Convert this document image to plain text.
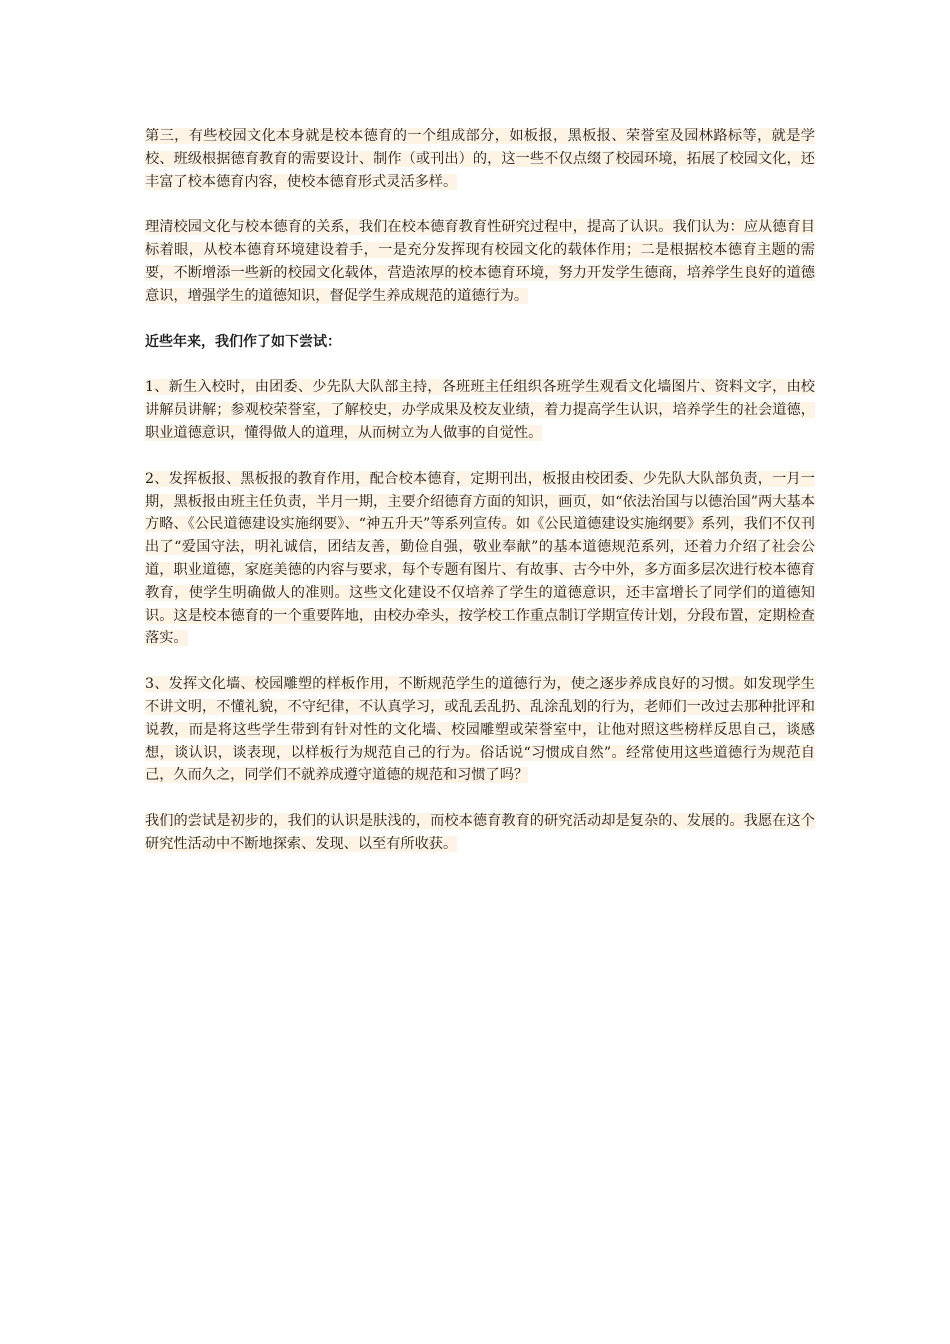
第三，有些校园文化本身就是校本德育的一个组成部分，如板报，黑板报、荣誉室及园林路标等，就是学校、班级根据德育教育的需要设计、制作（或刊出）的，这一些不仅点缀了校园环境，拓展了校园文化，还丰富了校本德育内容，使校本德育形式灵活多样。

理清校园文化与校本德育的关系，我们在校本德育教育性研究过程中，提高了认识。我们认为：应从德育目标着眼，从校本德育环境建设着手，一是充分发挥现有校园文化的载体作用；二是根据校本德育主题的需要，不断增添一些新的校园文化载体，营造浓厚的校本德育环境，努力开发学生德商，培养学生良好的道德意识，增强学生的道德知识，督促学生养成规范的道德行为。

近些年来，我们作了如下尝试：

1、新生入校时，由团委、少先队大队部主持，各班班主任组织各班学生观看文化墙图片、资料文字，由校讲解员讲解；参观校荣誉室，了解校史，办学成果及校友业绩，着力提高学生认识，培养学生的社会道德，职业道德意识，懂得做人的道理，从而树立为人做事的自觉性。

2、发挥板报、黑板报的教育作用，配合校本德育，定期刊出，板报由校团委、少先队大队部负责，一月一期，黑板报由班主任负责，半月一期，主要介绍德育方面的知识，画页，如“依法治国与以德治国”两大基本方略、《公民道德建设实施纲要》、“神五升天”等系列宣传。如《公民道德建设实施纲要》系列，我们不仅刊出了“爱国守法，明礼诚信，团结友善，勤俭自强，敬业奉献”的基本道德规范系列，还着力介绍了社会公道，职业道德，家庭美德的内容与要求，每个专题有图片、有故事、古今中外，多方面多层次进行校本德育教育，使学生明确做人的准则。这些文化建设不仅培养了学生的道德意识，还丰富增长了同学们的道德知识。这是校本德育的一个重要阵地，由校办牵头，按学校工作重点制订学期宣传计划，分段布置，定期检查落实。

3、发挥文化墙、校园雕塑的样板作用，不断规范学生的道德行为，使之逐步养成良好的习惯。如发现学生不讲文明，不懂礼貌，不守纪律，不认真学习，或乱丢乱扔、乱涂乱划的行为，老师们一改过去那种批评和说教，而是将这些学生带到有针对性的文化墙、校园雕塑或荣誉室中，让他对照这些榜样反思自己，谈感想，谈认识，谈表现，以样板行为规范自己的行为。俗话说“习惯成自然”。经常使用这些道德行为规范自己，久而久之，同学们不就养成遵守道德的规范和习惯了吗？

我们的尝试是初步的，我们的认识是肤浅的，而校本德育教育的研究活动却是复杂的、发展的。我愿在这个研究性活动中不断地探索、发现、以至有所收获。
